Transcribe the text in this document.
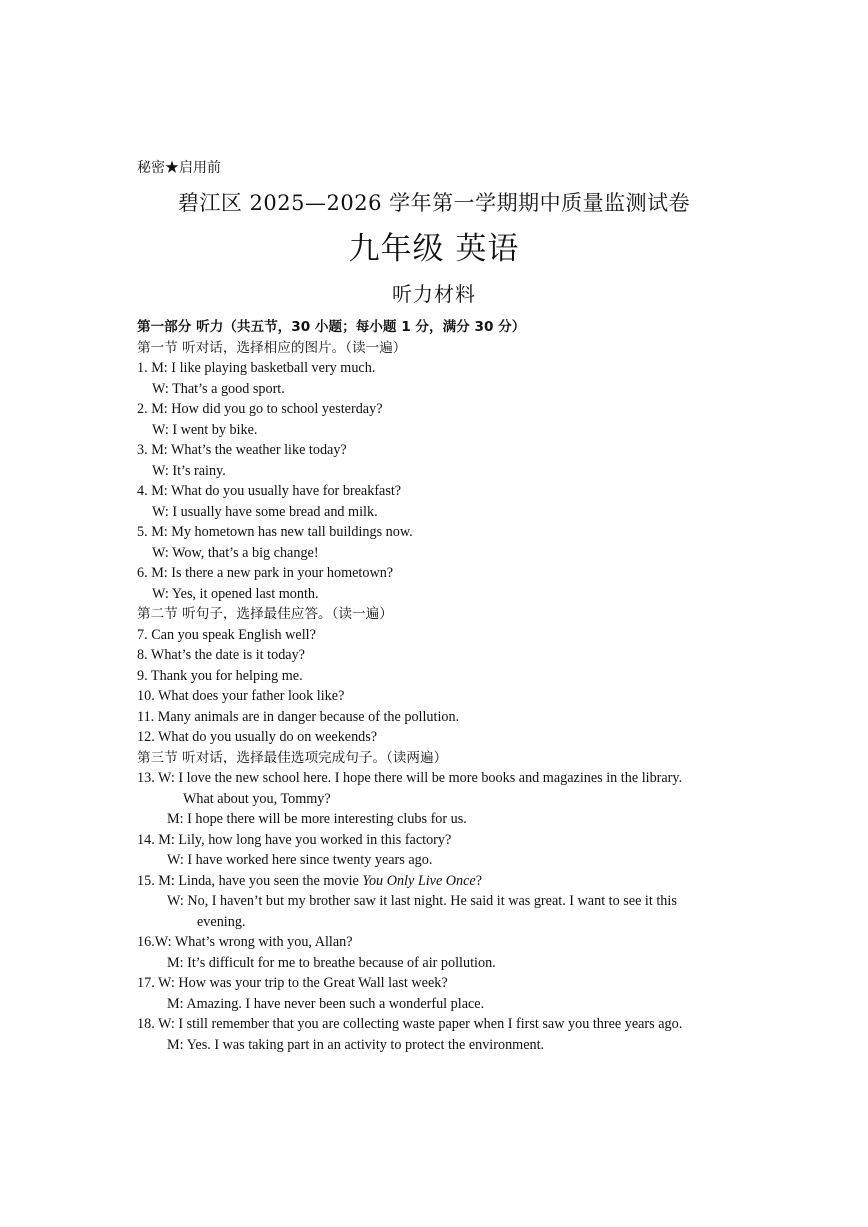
秘密★启用前
碧江区 2025—2026 学年第一学期期中质量监测试卷
九年级 英语
听力材料
第一部分 听力（共五节，30 小题；每小题 1 分，满分 30 分）
第一节 听对话，选择相应的图片。（读一遍）
1. M: I like playing basketball very much.
W: That’s a good sport.
2. M: How did you go to school yesterday?
W: I went by bike.
3. M: What’s the weather like today?
W: It’s rainy.
4. M: What do you usually have for breakfast?
W: I usually have some bread and milk.
5. M: My hometown has new tall buildings now.
W: Wow, that’s a big change!
6. M: Is there a new park in your hometown?
W: Yes, it opened last month.
第二节 听句子，选择最佳应答。（读一遍）
7. Can you speak English well?
8. What’s the date is it today?
9. Thank you for helping me.
10. What does your father look like?
11. Many animals are in danger because of the pollution.
12. What do you usually do on weekends?
第三节 听对话，选择最佳选项完成句子。（读两遍）
13. W: I love the new school here. I hope there will be more books and magazines in the library.
What about you, Tommy?
M: I hope there will be more interesting clubs for us.
14. M: Lily, how long have you worked in this factory?
W: I have worked here since twenty years ago.
15. M: Linda, have you seen the movie You Only Live Once?
W: No, I haven’t but my brother saw it last night. He said it was great. I want to see it this
evening.
16.W: What’s wrong with you, Allan?
M: It’s difficult for me to breathe because of air pollution.
17. W: How was your trip to the Great Wall last week?
M: Amazing. I have never been such a wonderful place.
18. W: I still remember that you are collecting waste paper when I first saw you three years ago.
M: Yes. I was taking part in an activity to protect the environment.
